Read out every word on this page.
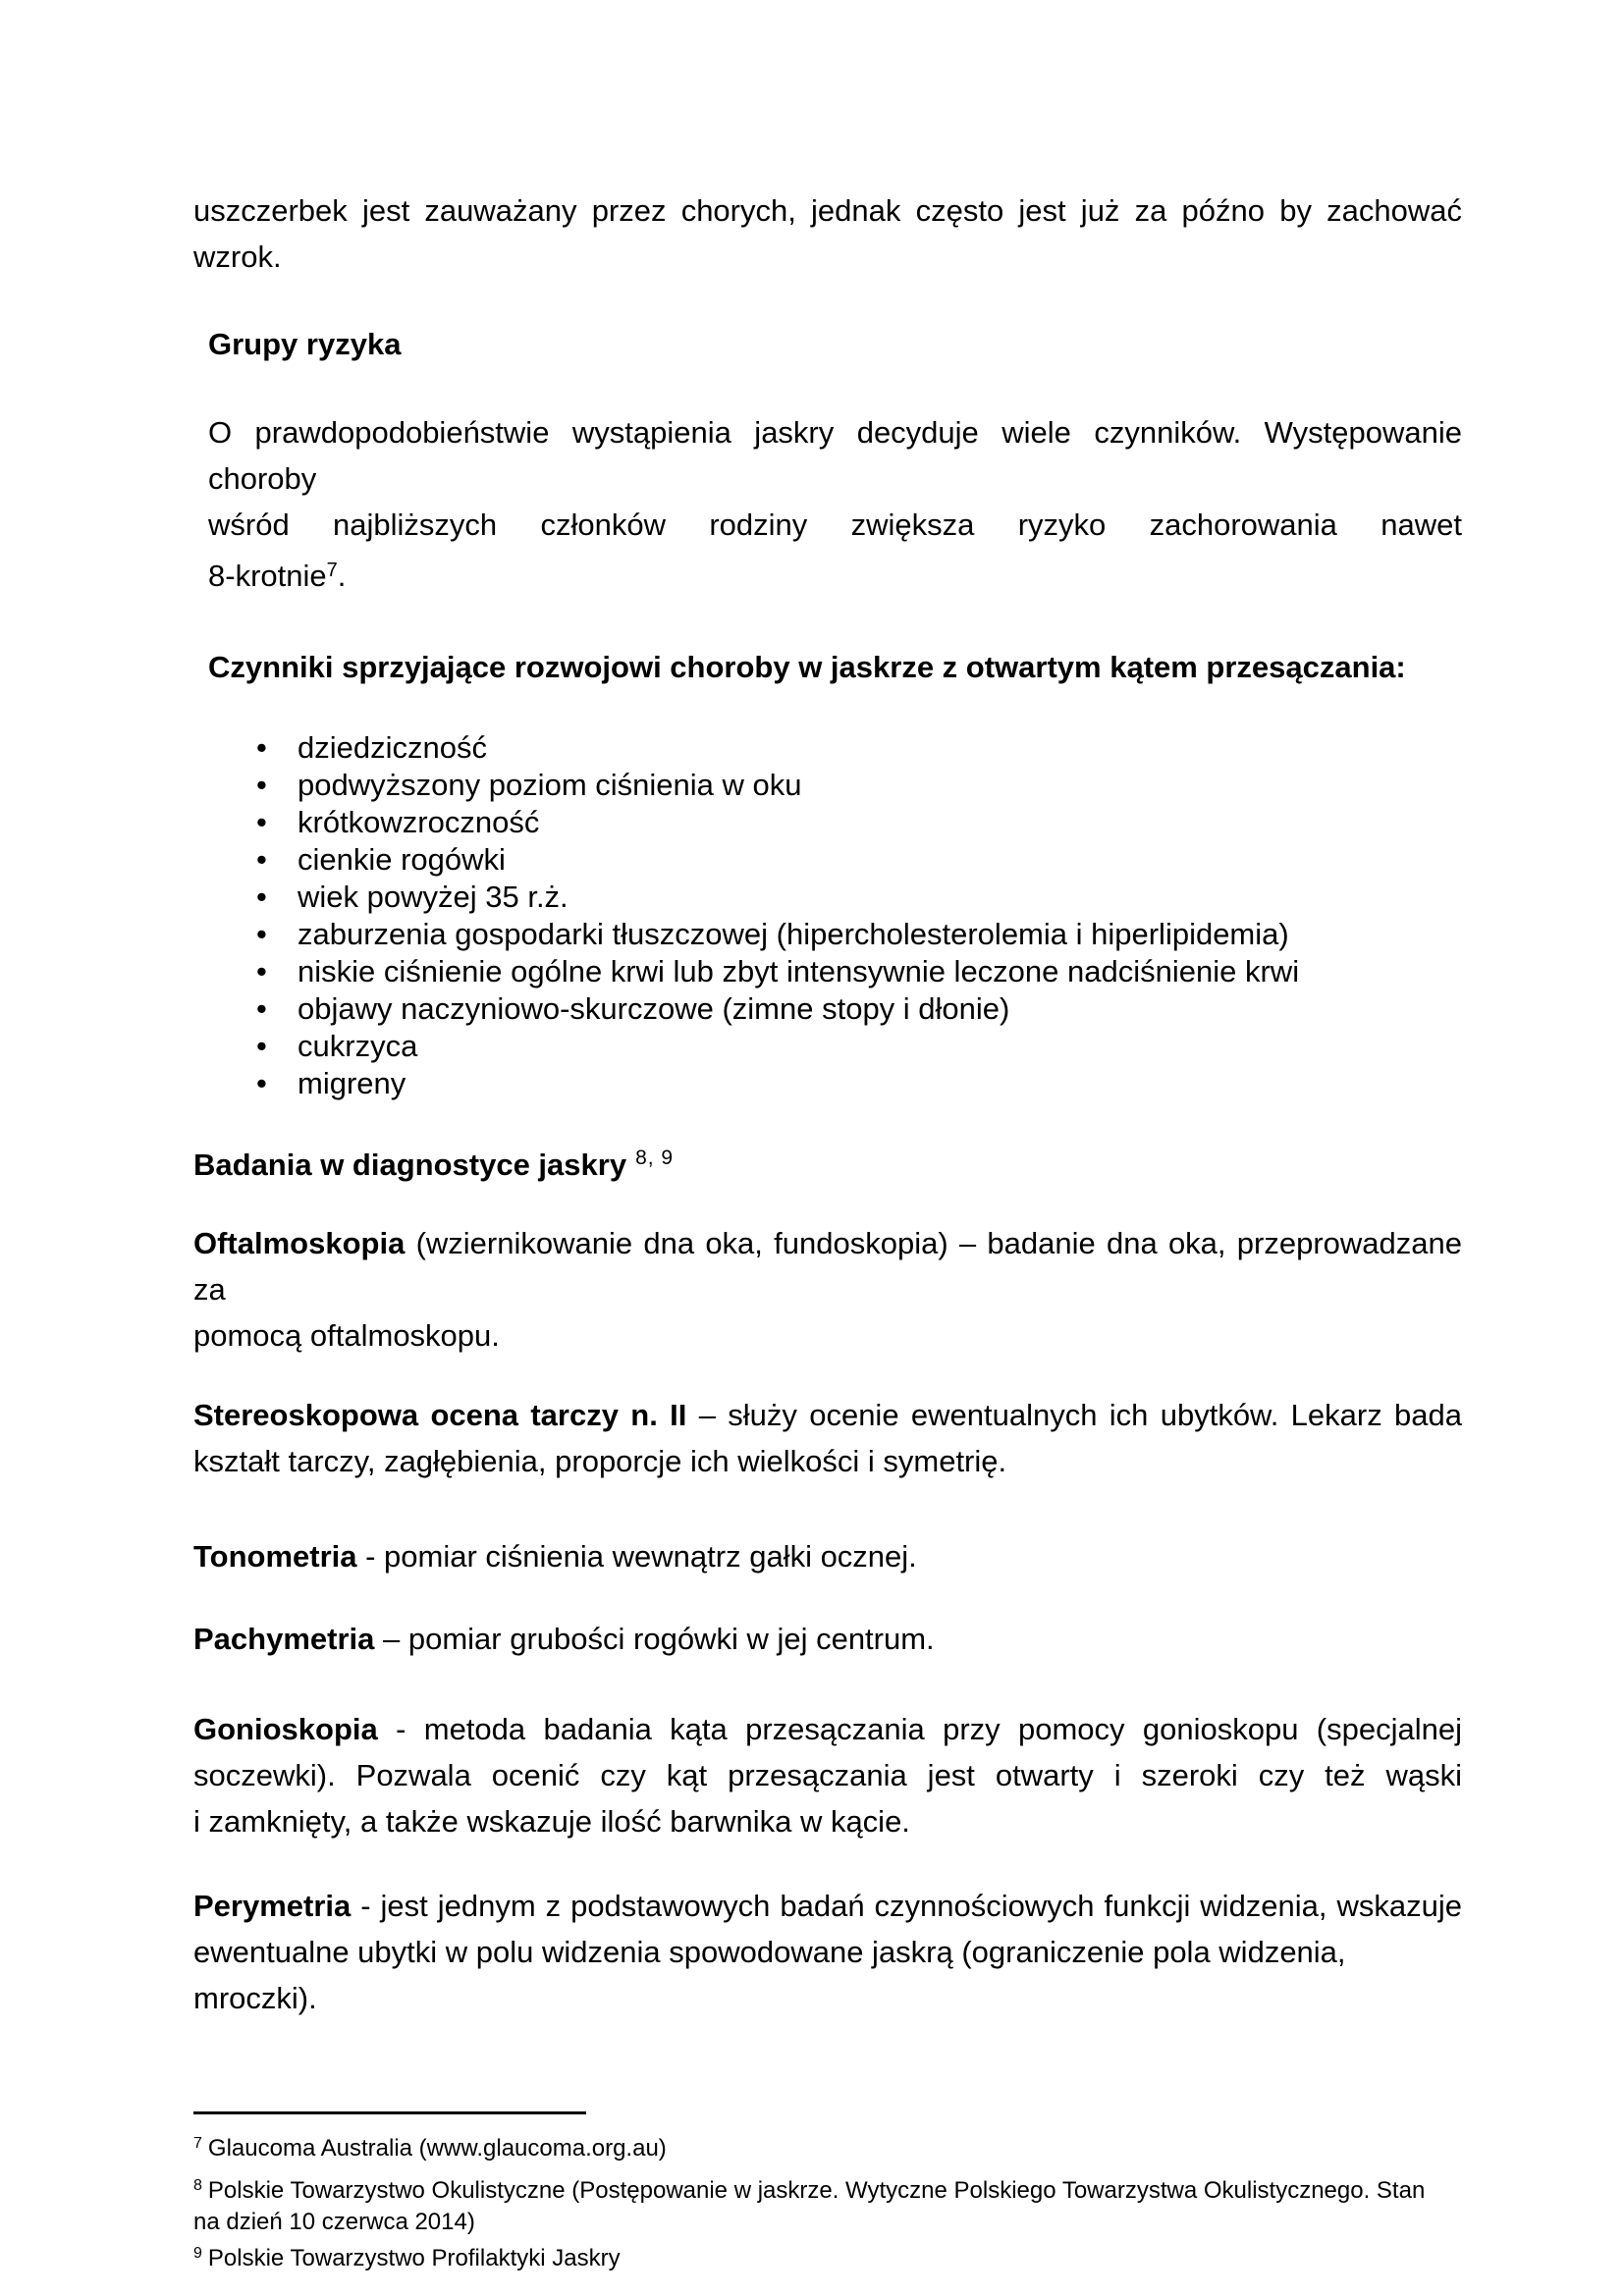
uszczerbek jest zauważany przez chorych, jednak często jest już za późno by zachować
wzrok.
Grupy ryzyka
O prawdopodobieństwie wystąpienia jaskry decyduje wiele czynników. Występowanie choroby
wśród najbliższych członków rodziny zwiększa ryzyko zachorowania nawet
8-krotnie$^7$.
Czynniki sprzyjające rozwojowi choroby w jaskrze z otwartym kątem przesączania:
• dziedziczność
• podwyższony poziom ciśnienia w oku
• krótkowzroczność
• cienkie rogówki
• wiek powyżej 35 r.ż.
• zaburzenia gospodarki tłuszczowej (hipercholesterolemia i hiperlipidemia)
• niskie ciśnienie ogólne krwi lub zbyt intensywnie leczone nadciśnienie krwi
• objawy naczyniowo-skurczowe (zimne stopy i dłonie)
• cukrzyca
• migreny
Badania w diagnostyce jaskry $^{8, 9}$
Oftalmoskopia (wziernikowanie dna oka, fundoskopia) – badanie dna oka, przeprowadzane za
pomocą oftalmoskopu.
Stereoskopowa ocena tarczy n. II – służy ocenie ewentualnych ich ubytków. Lekarz bada
kształt tarczy, zagłębienia, proporcje ich wielkości i symetrię.
Tonometria - pomiar ciśnienia wewnątrz gałki ocznej.
Pachymetria – pomiar grubości rogówki w jej centrum.
Gonioskopia - metoda badania kąta przesączania przy pomocy gonioskopu (specjalnej
soczewki). Pozwala ocenić czy kąt przesączania jest otwarty i szeroki czy też wąski
i zamknięty, a także wskazuje ilość barwnika w kącie.
Perymetria - jest jednym z podstawowych badań czynnościowych funkcji widzenia, wskazuje
ewentualne ubytki w polu widzenia spowodowane jaskrą (ograniczenie pola widzenia, mroczki).
$^7$ Glaucoma Australia (www.glaucoma.org.au)
$^8$ Polskie Towarzystwo Okulistyczne (Postępowanie w jaskrze. Wytyczne Polskiego Towarzystwa Okulistycznego. Stan
na dzień 10 czerwca 2014)
$^9$ Polskie Towarzystwo Profilaktyki Jaskry
